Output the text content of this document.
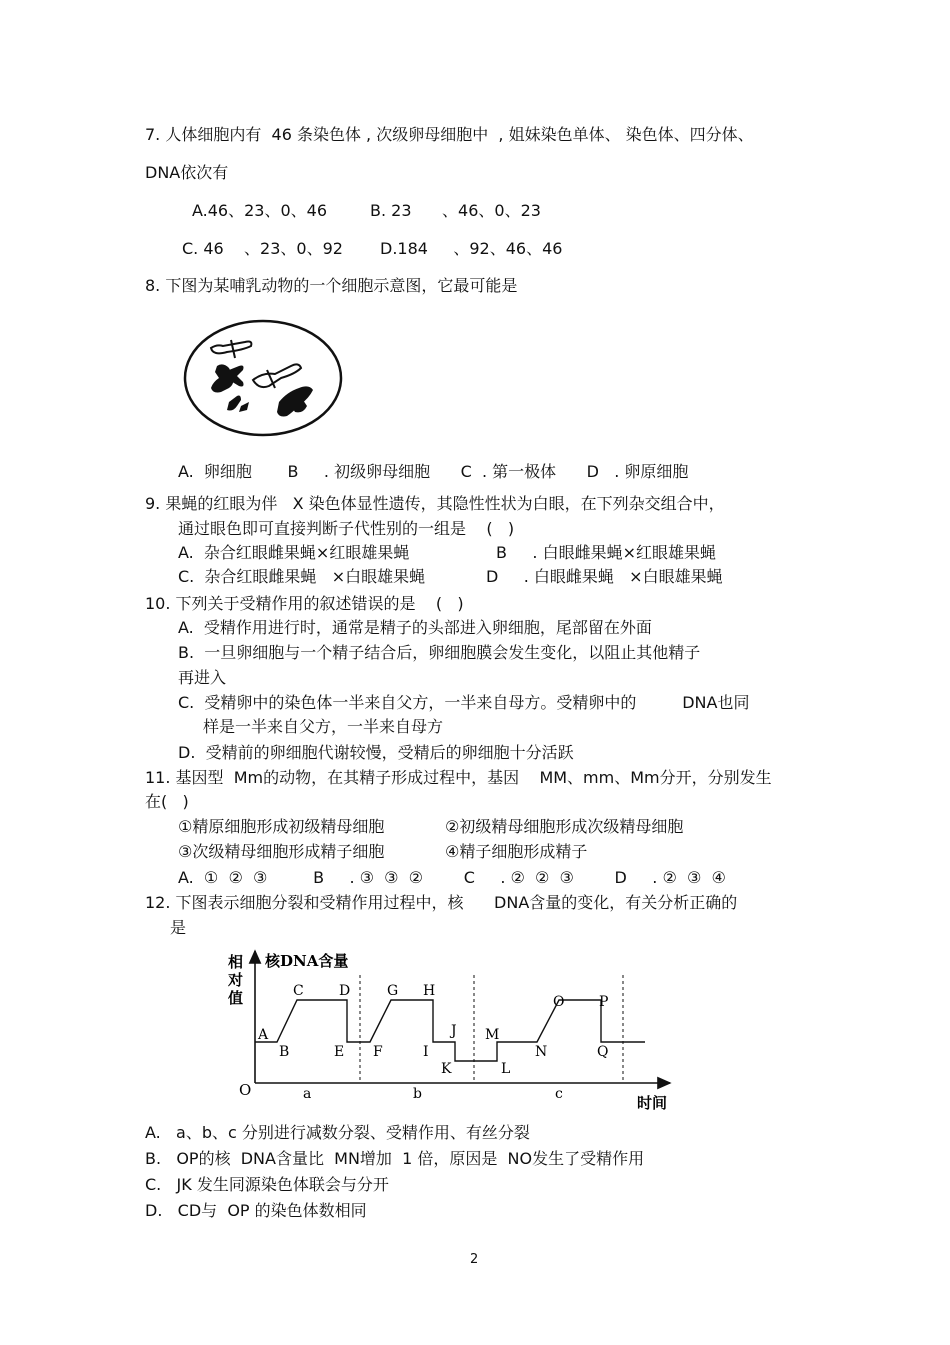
7. 人体细胞内有  46 条染色体 , 次级卵母细胞中  , 姐妹染色单体、 染色体、四分体、
DNA依次有
A.46、23、0、46	B. 23      、46、0、23
C. 46    、23、0、92 D.184     、92、46、46
8. 下图为某哺乳动物的一个细胞示意图，它最可能是
A.  卵细胞       B     . 初级卵母细胞      C  . 第一极体      D   . 卵原细胞
9. 果蝇的红眼为伴   X 染色体显性遗传，其隐性性状为白眼，在下列杂交组合中，
通过眼色即可直接判断子代性别的一组是    (   )
A.  杂合红眼雌果蝇×红眼雄果蝇	B     . 白眼雌果蝇×红眼雄果蝇
C.  杂合红眼雌果蝇   ×白眼雄果蝇	D     . 白眼雌果蝇   ×白眼雄果蝇
10. 下列关于受精作用的叙述错误的是    (   )
A.  受精作用进行时，通常是精子的头部进入卵细胞，尾部留在外面
B.  一旦卵细胞与一个精子结合后，卵细胞膜会发生变化，以阻止其他精子
再进入
C.  受精卵中的染色体一半来自父方，一半来自母方。受精卵中的         DNA也同
样是一半来自父方，一半来自母方
D.  受精前的卵细胞代谢较慢，受精后的卵细胞十分活跃
11. 基因型  Mm的动物，在其精子形成过程中，基因    MM、mm、Mm分开，分别发生
在(   )
①精原细胞形成初级精母细胞	②初级精母细胞形成次级精母细胞
③次级精母细胞形成精子细胞	④精子细胞形成精子
A.  ①  ②  ③         B     . ③  ③  ②        C     . ②  ②  ③        D     . ②  ③  ④
12. 下图表示细胞分裂和受精作用过程中，核      DNA含量的变化，有关分析正确的
是
相
对
值
核DNA含量
O
时间
A
B
C	D
E F
G H
I
J
K	L
M
N
O P
Q
a	b	c
A.   a、b、c 分别进行减数分裂、受精作用、有丝分裂
B.   OP的核  DNA含量比  MN增加  1 倍，原因是  NO发生了受精作用
C.   JK 发生同源染色体联会与分开
D.   CD与  OP 的染色体数相同
2
